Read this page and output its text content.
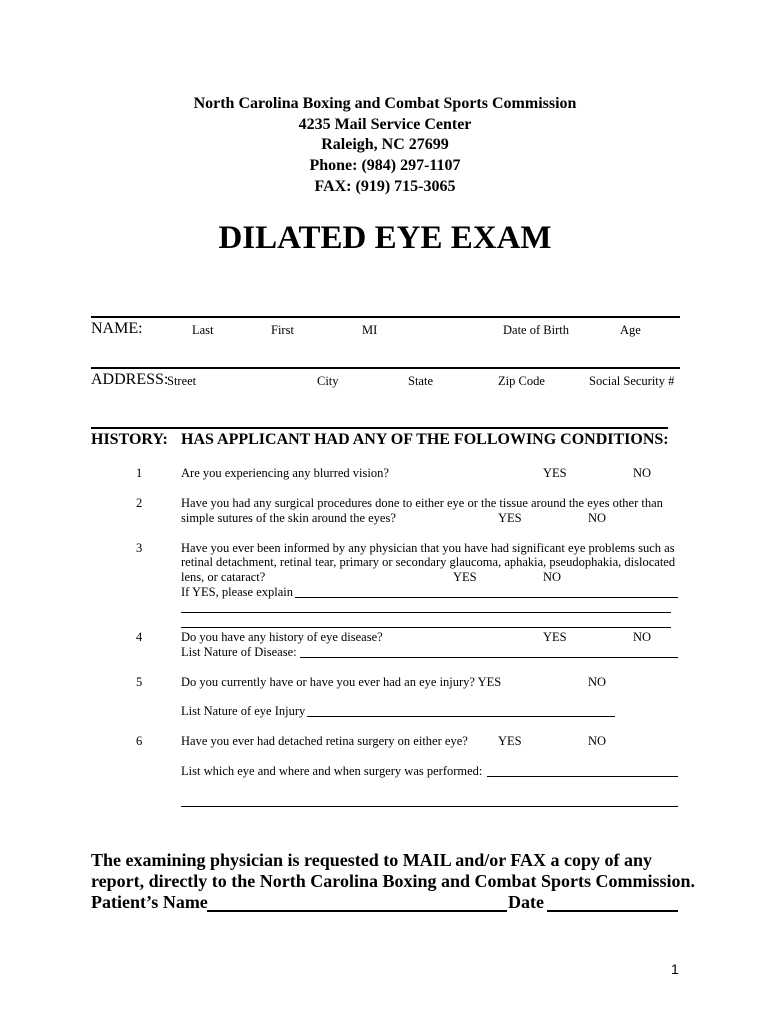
North Carolina Boxing and Combat Sports Commission
4235 Mail Service Center
Raleigh, NC 27699
Phone: (984) 297-1107
FAX: (919) 715-3065
DILATED EYE EXAM
NAME:	Last	First	MI	Date of Birth	Age
ADDRESS:
Street	City	State	Zip Code	Social Security #
HISTORY: HAS APPLICANT HAD ANY OF THE FOLLOWING CONDITIONS:
1	Are you experiencing any blurred vision?	YES	NO
2	Have you had any surgical procedures done to either eye or the tissue around the eyes other than
simple sutures of the skin around the eyes?	YES	NO
3	Have you ever been informed by any physician that you have had significant eye problems such as
retinal detachment, retinal tear, primary or secondary glaucoma, aphakia, pseudophakia, dislocated
lens, or cataract?	YES	NO
If YES, please explain
4	Do you have any history of eye disease?	YES	NO
List Nature of Disease:
5	Do you currently have or have you ever had an eye injury? YES	NO
List Nature of eye Injury
6	Have you ever had detached retina surgery on either eye? YES	NO
List which eye and where and when surgery was performed:
The examining physician is requested to MAIL and/or FAX a copy of any
report, directly to the North Carolina Boxing and Combat Sports Commission.
Patient’s Name	Date
1
